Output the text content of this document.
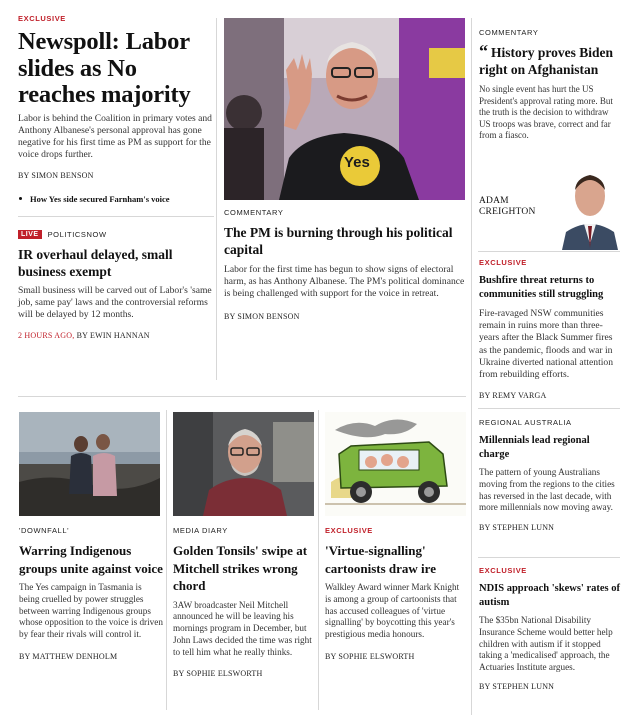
EXCLUSIVE
Newspoll: Labor slides as No reaches majority

Labor is behind the Coalition in primary votes and Anthony Albanese's personal approval has gone negative for his first time as PM as support for the voice drops further.

BY SIMON BENSON
How Yes side secured Farnham's voice
LIVE	POLITICSNOW
IR overhaul delayed, small business exempt

Small business will be carved out of Labor's 'same job, same pay' laws and the controversial reforms will be delayed by 12 months.

2 HOURS AGO, BY EWIN HANNAN
Yes
COMMENTARY
The PM is burning through his political capital

Labor for the first time has begun to show signs of electoral harm, as has Anthony Albanese. The PM's political dominance is being challenged with support for the voice in retreat.

BY SIMON BENSON
COMMENTARY
“ History proves Biden right on Afghanistan

No single event has hurt the US President's approval rating more. But the truth is the decision to withdraw US troops was brave, correct and far from a fiasco.

ADAM
CREIGHTON
EXCLUSIVE
Bushfire threat returns to communities still struggling

Fire-ravaged NSW communities remain in ruins more than three-years after the Black Summer fires as the pandemic, floods and war in Ukraine diverted national attention from rebuilding efforts.

BY REMY VARGA
REGIONAL AUSTRALIA
Millennials lead regional charge

The pattern of young Australians moving from the regions to the cities has reversed in the last decade, with more millennials now moving away.

BY STEPHEN LUNN
EXCLUSIVE
NDIS approach 'skews' rates of autism

The $35bn National Disability Insurance Scheme would better help children with autism if it stopped taking a 'medicalised' approach, the Actuaries Institute argues.

BY STEPHEN LUNN
'DOWNFALL'
Warring Indigenous groups unite against voice

The Yes campaign in Tasmania is being cruelled by power struggles between warring Indigenous groups whose opposition to the voice is driven by fear their rivals will control it.

BY MATTHEW DENHOLM
MEDIA DIARY
Golden Tonsils' swipe at Mitchell strikes wrong chord

3AW broadcaster Neil Mitchell announced he will be leaving his mornings program in December, but John Laws decided the time was right to tell him what he really thinks.

BY SOPHIE ELSWORTH
EXCLUSIVE
'Virtue-signalling' cartoonists draw ire

Walkley Award winner Mark Knight is among a group of cartoonists that has accused colleagues of 'virtue signalling' by boycotting this year's prestigious media honours.

BY SOPHIE ELSWORTH
